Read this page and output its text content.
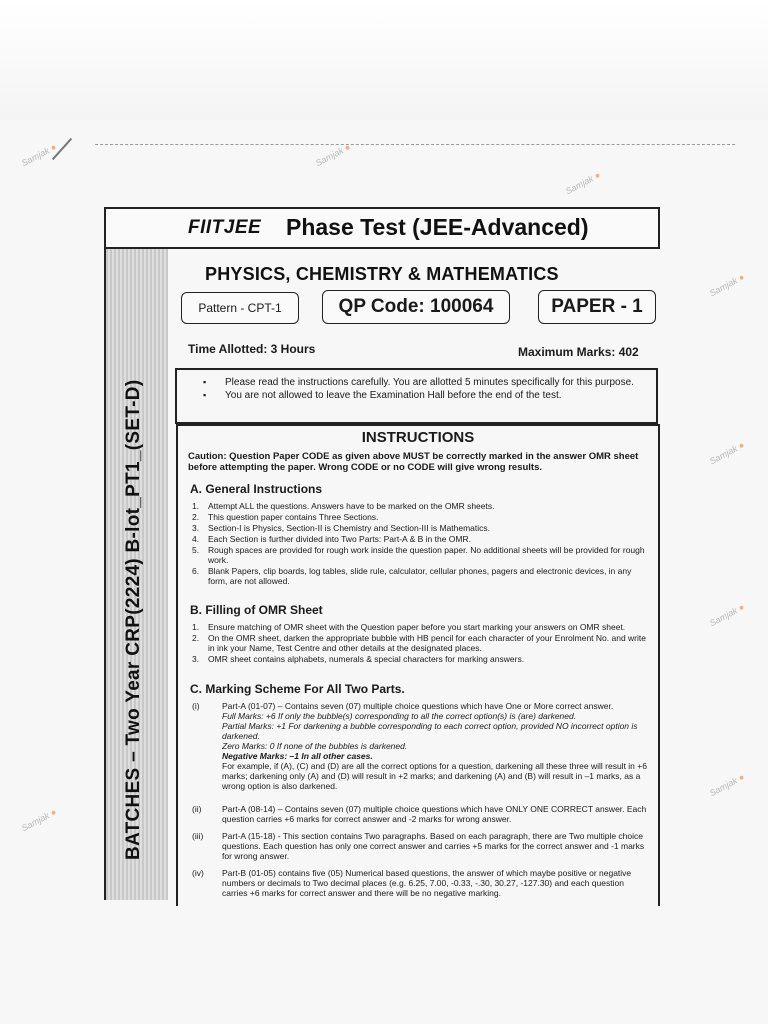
Samjak ●	Samjak ●
Samjak ●
Samjak ●
Samjak ●
Samjak ●
Samjak ●
Samjak ●	BATCHES – Two Year CRP(2224) B-lot_PT1_(SET-D)
FIITJEE Phase Test (JEE-Advanced)
PHYSICS, CHEMISTRY & MATHEMATICS
Pattern - CPT-1	QP Code: 100064	PAPER - 1
Time Allotted: 3 Hours	Maximum Marks: 402
▪ Please read the instructions carefully. You are allotted 5 minutes specifically for this purpose.
▪ You are not allowed to leave the Examination Hall before the end of the test.
INSTRUCTIONS
Caution: Question Paper CODE as given above MUST be correctly marked in the answer OMR sheet before attempting the paper. Wrong CODE or no CODE will give wrong results.
A. General Instructions
1. Attempt ALL the questions. Answers have to be marked on the OMR sheets.
2. This question paper contains Three Sections.
3. Section-I is Physics, Section-II is Chemistry and Section-III is Mathematics.
4. Each Section is further divided into Two Parts: Part-A & B in the OMR.
5. Rough spaces are provided for rough work inside the question paper. No additional sheets will be provided for rough work.
6. Blank Papers, clip boards, log tables, slide rule, calculator, cellular phones, pagers and electronic devices, in any form, are not allowed.
B. Filling of OMR Sheet
1. Ensure matching of OMR sheet with the Question paper before you start marking your answers on OMR sheet.
2. On the OMR sheet, darken the appropriate bubble with HB pencil for each character of your Enrolment No. and write in ink your Name, Test Centre and other details at the designated places.
3. OMR sheet contains alphabets, numerals & special characters for marking answers.
C. Marking Scheme For All Two Parts.
(i)	Part-A (01-07) – Contains seven (07) multiple choice questions which have One or More correct answer.
Full Marks: +6 If only the bubble(s) corresponding to all the correct option(s) is (are) darkened.
Partial Marks: +1 For darkening a bubble corresponding to each correct option, provided NO incorrect option is darkened.
Zero Marks: 0 If none of the bubbles is darkened.
Negative Marks: –1 In all other cases.
For example, if (A), (C) and (D) are all the correct options for a question, darkening all these three will result in +6 marks; darkening only (A) and (D) will result in +2 marks; and darkening (A) and (B) will result in –1 marks, as a wrong option is also darkened.
(ii) Part-A (08-14) – Contains seven (07) multiple choice questions which have ONLY ONE CORRECT answer. Each question carries +6 marks for correct answer and -2 marks for wrong answer.
(iii) Part-A (15-18) - This section contains Two paragraphs. Based on each paragraph, there are Two multiple choice questions. Each question has only one correct answer and carries +5 marks for the correct answer and -1 marks for wrong answer.
(iv) Part-B (01-05) contains five (05) Numerical based questions, the answer of which maybe positive or negative numbers or decimals to Two decimal places (e.g. 6.25, 7.00, -0.33, -.30, 30.27, -127.30) and each question carries +6 marks for correct answer and there will be no negative marking.
